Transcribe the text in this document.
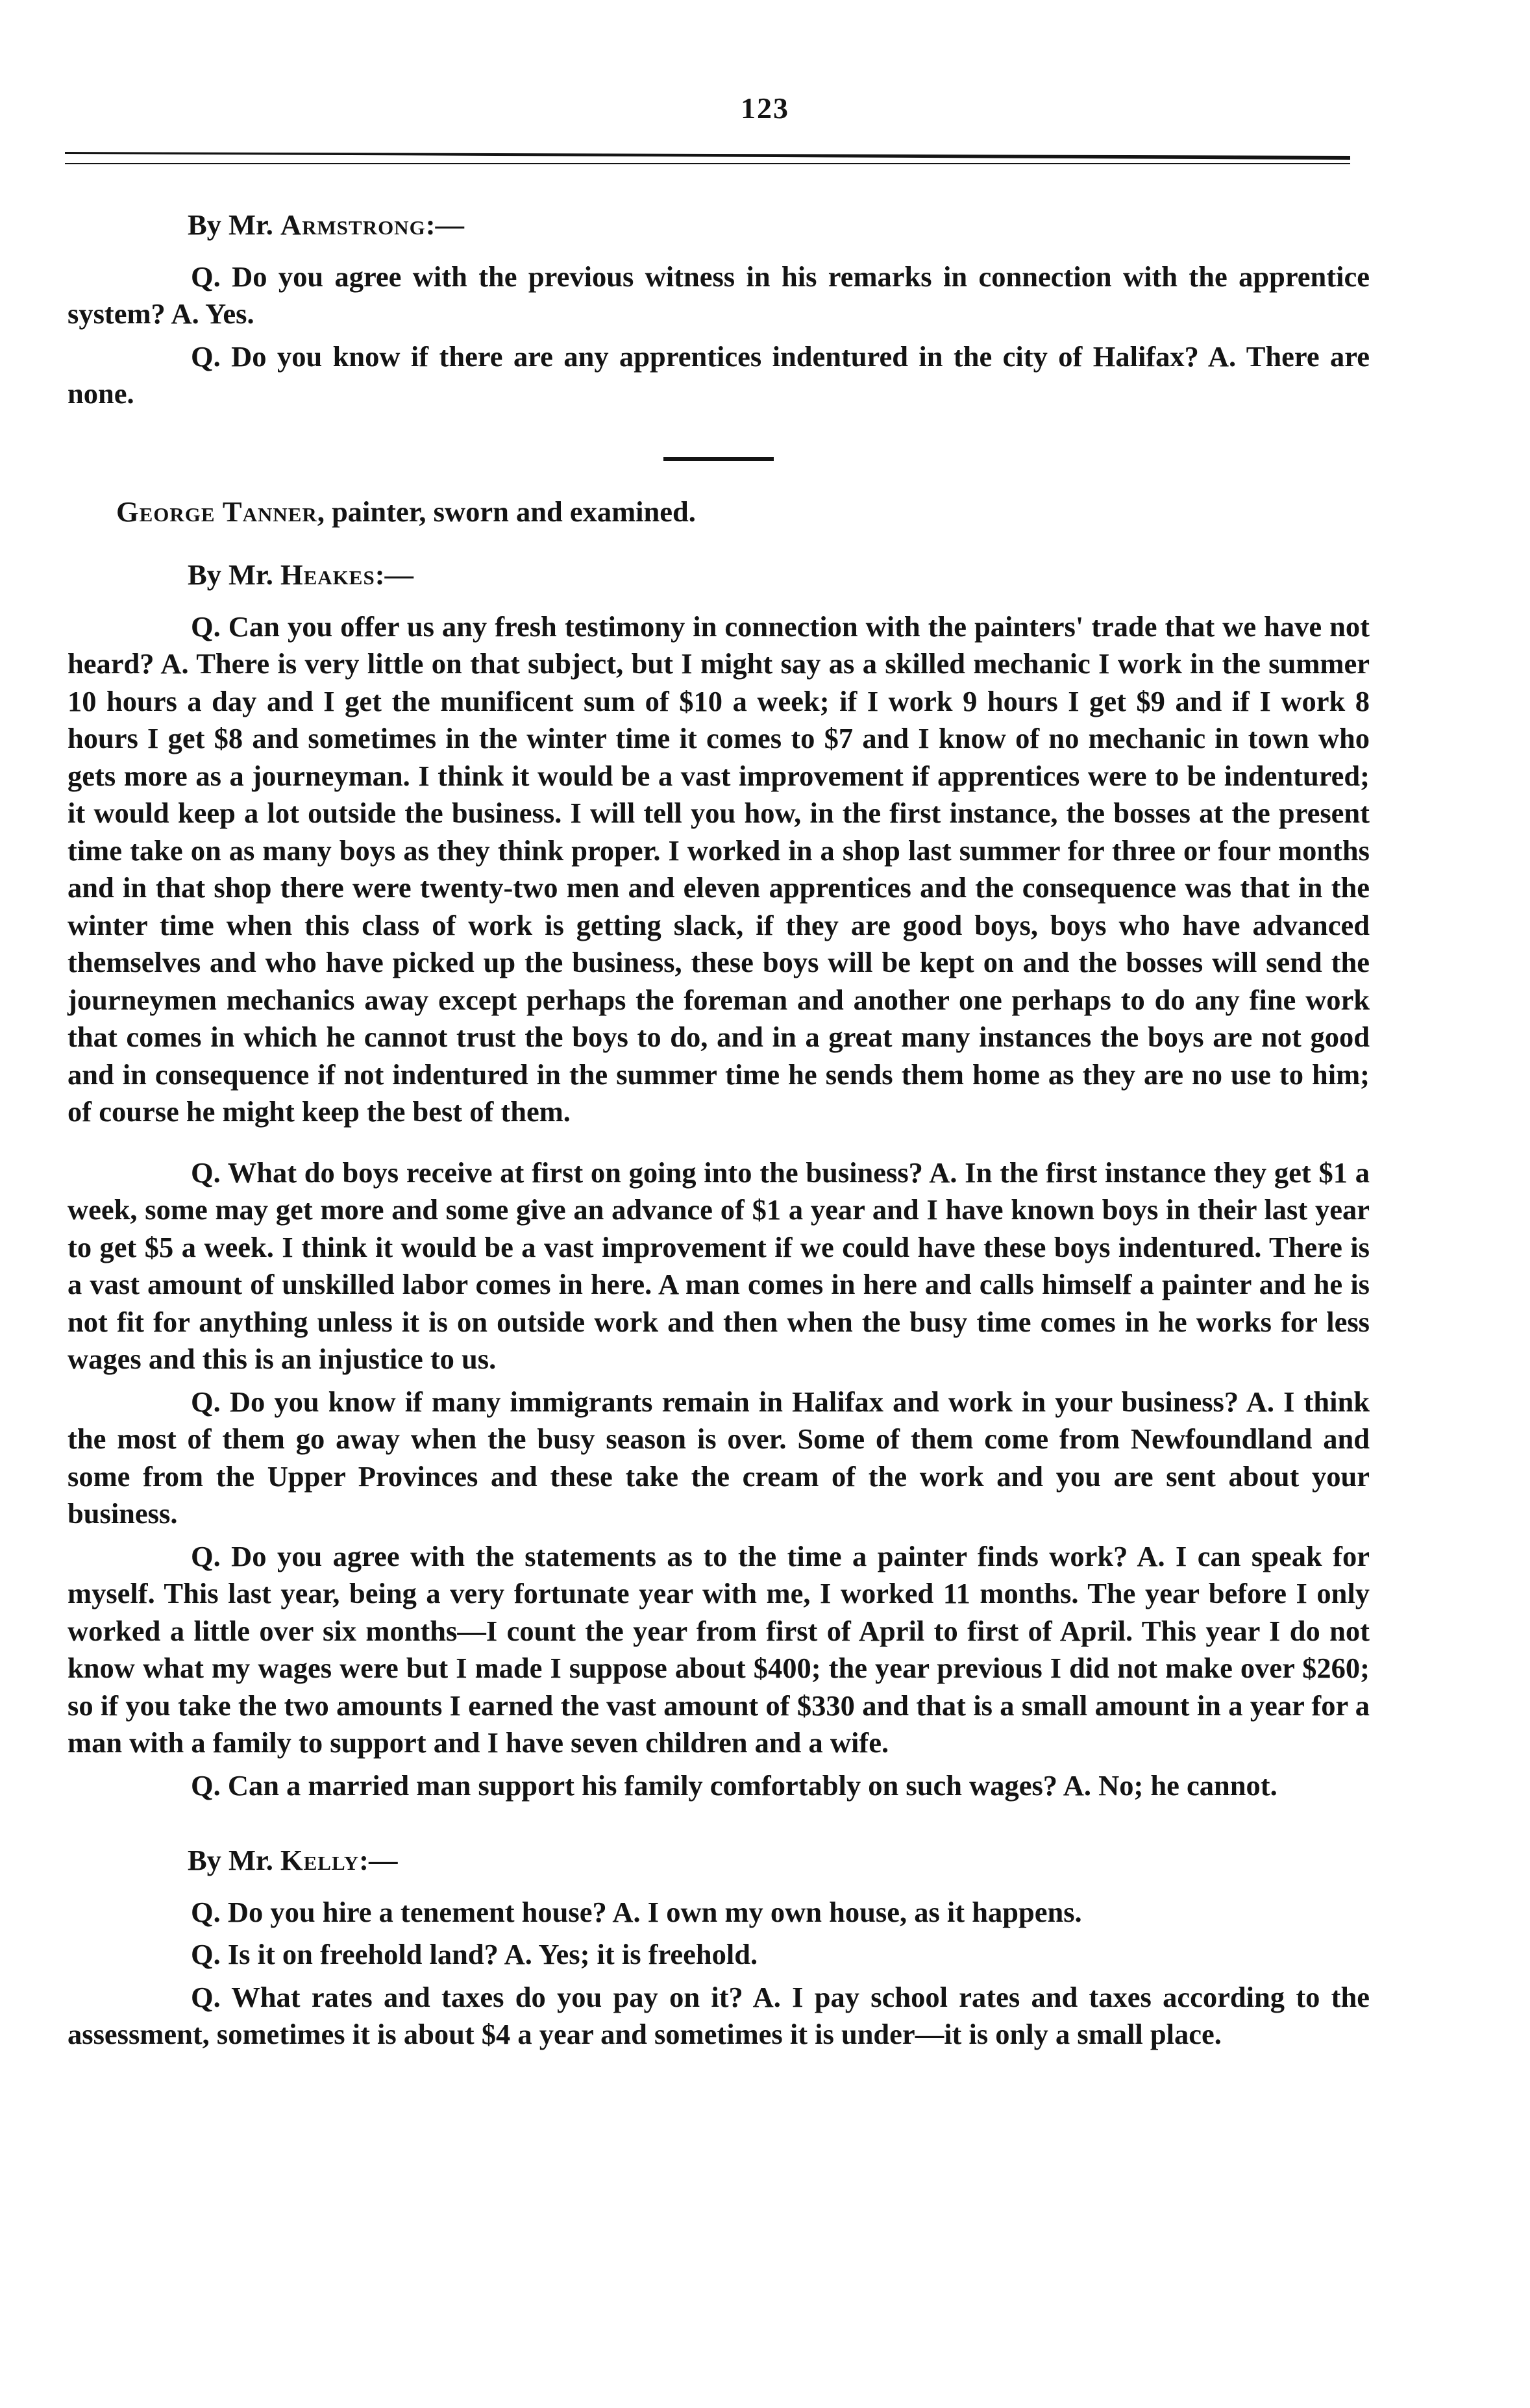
123
By Mr. Armstrong:—

Q. Do you agree with the previous witness in his remarks in connection with the apprentice system? A. Yes.

Q. Do you know if there are any apprentices indentured in the city of Halifax? A. There are none.

George Tanner, painter, sworn and examined.
By Mr. Heakes:—

Q. Can you offer us any fresh testimony in connection with the painters' trade that we have not heard? A. There is very little on that subject, but I might say as a skilled mechanic I work in the summer 10 hours a day and I get the munificent sum of $10 a week; if I work 9 hours I get $9 and if I work 8 hours I get $8 and sometimes in the winter time it comes to $7 and I know of no mechanic in town who gets more as a journeyman. I think it would be a vast improvement if apprentices were to be indentured; it would keep a lot outside the business. I will tell you how, in the first instance, the bosses at the present time take on as many boys as they think proper. I worked in a shop last summer for three or four months and in that shop there were twenty-two men and eleven apprentices and the consequence was that in the winter time when this class of work is getting slack, if they are good boys, boys who have advanced themselves and who have picked up the business, these boys will be kept on and the bosses will send the journeymen mechanics away except perhaps the foreman and another one perhaps to do any fine work that comes in which he cannot trust the boys to do, and in a great many instances the boys are not good and in consequence if not indentured in the summer time he sends them home as they are no use to him; of course he might keep the best of them.

Q. What do boys receive at first on going into the business? A. In the first instance they get $1 a week, some may get more and some give an advance of $1 a year and I have known boys in their last year to get $5 a week. I think it would be a vast improvement if we could have these boys indentured. There is a vast amount of unskilled labor comes in here. A man comes in here and calls himself a painter and he is not fit for anything unless it is on outside work and then when the busy time comes in he works for less wages and this is an injustice to us.

Q. Do you know if many immigrants remain in Halifax and work in your business? A. I think the most of them go away when the busy season is over. Some of them come from Newfoundland and some from the Upper Provinces and these take the cream of the work and you are sent about your business.

Q. Do you agree with the statements as to the time a painter finds work? A. I can speak for myself. This last year, being a very fortunate year with me, I worked 11 months. The year before I only worked a little over six months—I count the year from first of April to first of April. This year I do not know what my wages were but I made I suppose about $400; the year previous I did not make over $260; so if you take the two amounts I earned the vast amount of $330 and that is a small amount in a year for a man with a family to support and I have seven children and a wife.

Q. Can a married man support his family comfortably on such wages? A. No; he cannot.

By Mr. Kelly:—

Q. Do you hire a tenement house? A. I own my own house, as it happens.

Q. Is it on freehold land? A. Yes; it is freehold.

Q. What rates and taxes do you pay on it? A. I pay school rates and taxes according to the assessment, sometimes it is about $4 a year and sometimes it is under—it is only a small place.
